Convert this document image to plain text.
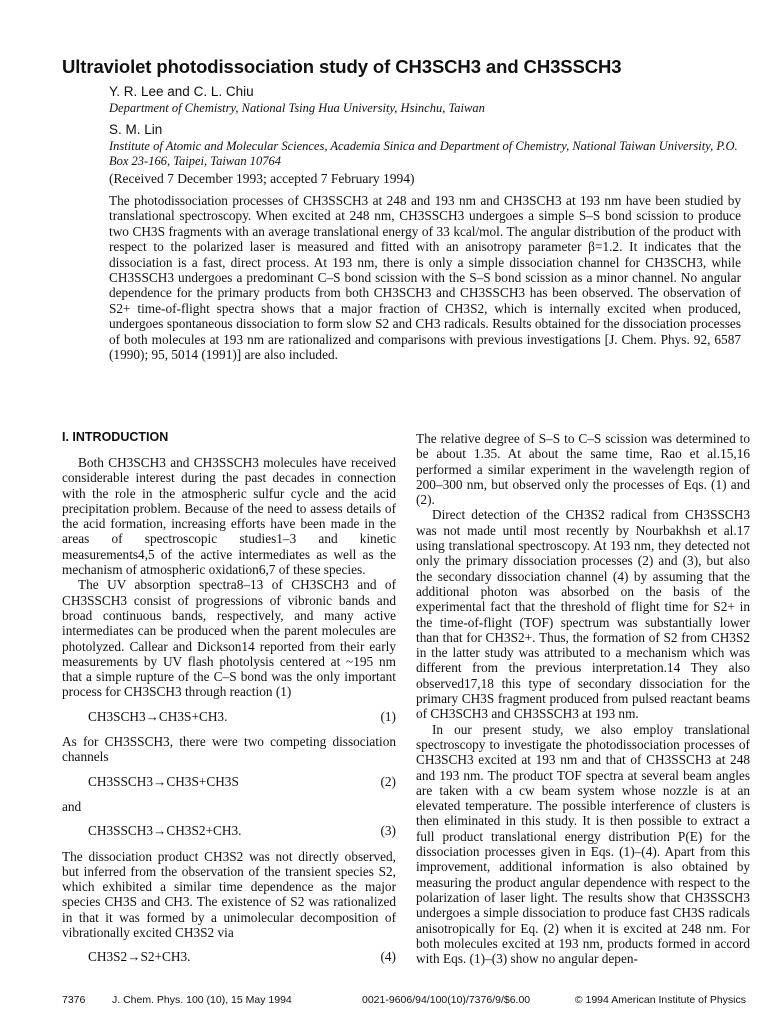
Ultraviolet photodissociation study of CH3SCH3 and CH3SSCH3
Y. R. Lee and C. L. Chiu
Department of Chemistry, National Tsing Hua University, Hsinchu, Taiwan
S. M. Lin
Institute of Atomic and Molecular Sciences, Academia Sinica and Department of Chemistry, National Taiwan University, P.O. Box 23-166, Taipei, Taiwan 10764
(Received 7 December 1993; accepted 7 February 1994)
The photodissociation processes of CH3SSCH3 at 248 and 193 nm and CH3SCH3 at 193 nm have been studied by translational spectroscopy. When excited at 248 nm, CH3SSCH3 undergoes a simple S–S bond scission to produce two CH3S fragments with an average translational energy of 33 kcal/mol. The angular distribution of the product with respect to the polarized laser is measured and fitted with an anisotropy parameter β=1.2. It indicates that the dissociation is a fast, direct process. At 193 nm, there is only a simple dissociation channel for CH3SCH3, while CH3SSCH3 undergoes a predominant C–S bond scission with the S–S bond scission as a minor channel. No angular dependence for the primary products from both CH3SCH3 and CH3SSCH3 has been observed. The observation of S2+ time-of-flight spectra shows that a major fraction of CH3S2, which is internally excited when produced, undergoes spontaneous dissociation to form slow S2 and CH3 radicals. Results obtained for the dissociation processes of both molecules at 193 nm are rationalized and comparisons with previous investigations [J. Chem. Phys. 92, 6587 (1990); 95, 5014 (1991)] are also included.
I. INTRODUCTION

Both CH3SCH3 and CH3SSCH3 molecules have received considerable interest during the past decades in connection with the role in the atmospheric sulfur cycle and the acid precipitation problem. Because of the need to assess details of the acid formation, increasing efforts have been made in the areas of spectroscopic studies1–3 and kinetic measurements4,5 of the active intermediates as well as the mechanism of atmospheric oxidation6,7 of these species.

The UV absorption spectra8–13 of CH3SCH3 and of CH3SSCH3 consist of progressions of vibronic bands and broad continuous bands, respectively, and many active intermediates can be produced when the parent molecules are photolyzed. Callear and Dickson14 reported from their early measurements by UV flash photolysis centered at ~195 nm that a simple rupture of the C–S bond was the only important process for CH3SCH3 through reaction (1)

CH3SCH3→CH3S+CH3.	(1)

As for CH3SSCH3, there were two competing dissociation channels

CH3SSCH3→CH3S+CH3S	(2)

and

CH3SSCH3→CH3S2+CH3.	(3)

The dissociation product CH3S2 was not directly observed, but inferred from the observation of the transient species S2, which exhibited a similar time dependence as the major species CH3S and CH3. The existence of S2 was rationalized in that it was formed by a unimolecular decomposition of vibrationally excited CH3S2 via

CH3S2→S2+CH3.	(4)

The relative degree of S–S to C–S scission was determined to be about 1.35. At about the same time, Rao et al.15,16 performed a similar experiment in the wavelength region of 200–300 nm, but observed only the processes of Eqs. (1) and (2).

Direct detection of the CH3S2 radical from CH3SSCH3 was not made until most recently by Nourbakhsh et al.17 using translational spectroscopy. At 193 nm, they detected not only the primary dissociation processes (2) and (3), but also the secondary dissociation channel (4) by assuming that the additional photon was absorbed on the basis of the experimental fact that the threshold of flight time for S2+ in the time-of-flight (TOF) spectrum was substantially lower than that for CH3S2+. Thus, the formation of S2 from CH3S2 in the latter study was attributed to a mechanism which was different from the previous interpretation.14 They also observed17,18 this type of secondary dissociation for the primary CH3S fragment produced from pulsed reactant beams of CH3SCH3 and CH3SSCH3 at 193 nm.

In our present study, we also employ translational spectroscopy to investigate the photodissociation processes of CH3SCH3 excited at 193 nm and that of CH3SSCH3 at 248 and 193 nm. The product TOF spectra at several beam angles are taken with a cw beam system whose nozzle is at an elevated temperature. The possible interference of clusters is then eliminated in this study. It is then possible to extract a full product translational energy distribution P(E) for the dissociation processes given in Eqs. (1)–(4). Apart from this improvement, additional information is also obtained by measuring the product angular dependence with respect to the polarization of laser light. The results show that CH3SSCH3 undergoes a simple dissociation to produce fast CH3S radicals anisotropically for Eq. (2) when it is excited at 248 nm. For both molecules excited at 193 nm, products formed in accord with Eqs. (1)–(3) show no angular depen-

7376	J. Chem. Phys. 100 (10), 15 May 1994	0021-9606/94/100(10)/7376/9/$6.00	© 1994 American Institute of Physics
